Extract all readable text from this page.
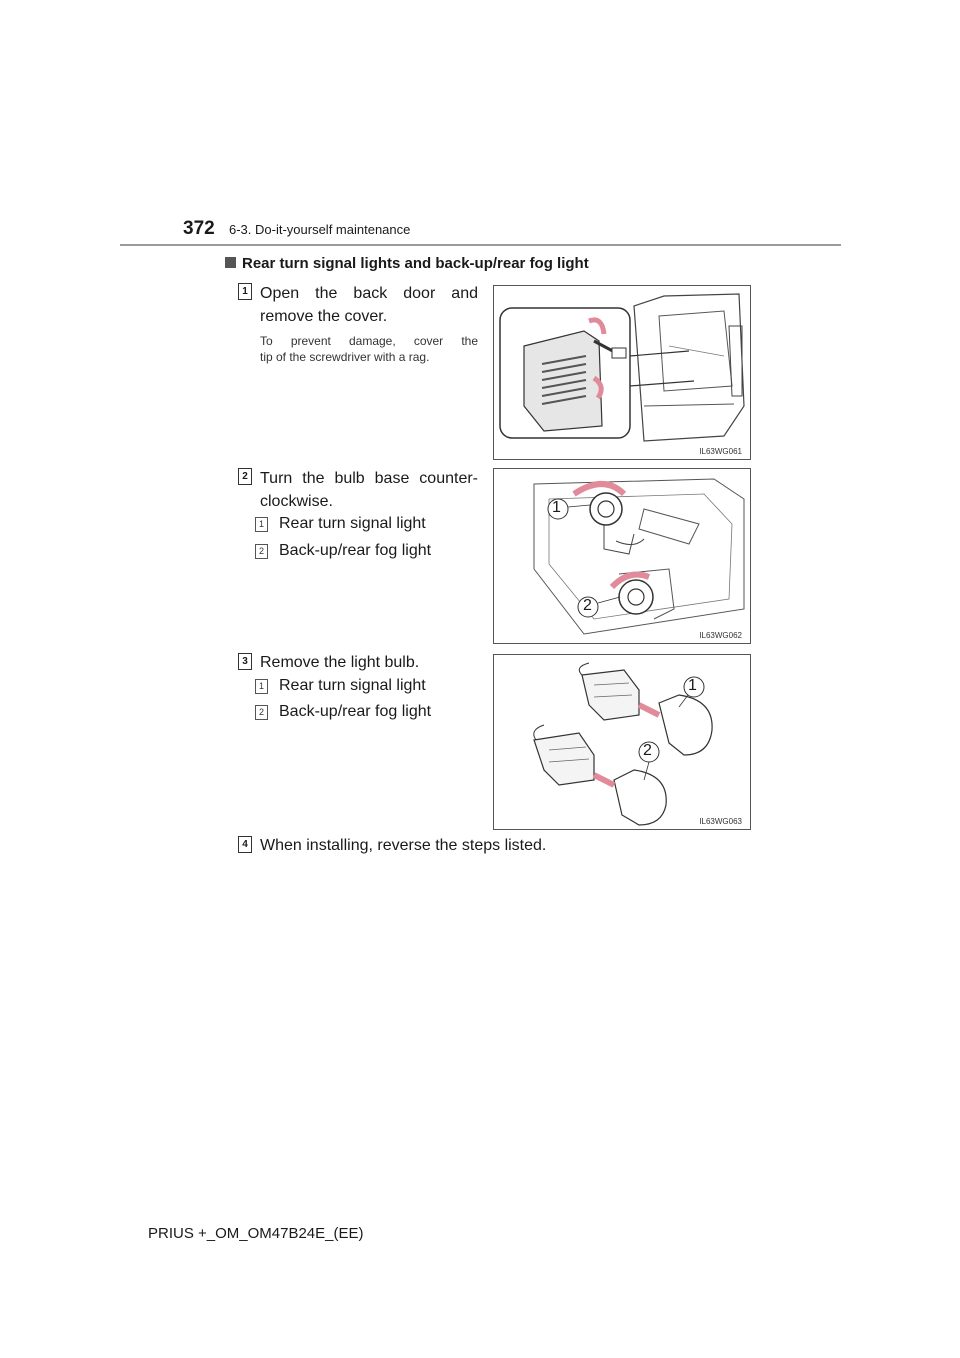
372 6-3. Do-it-yourself maintenance
Rear turn signal lights and back-up/rear fog light
1 Open the back door and
remove the cover.
To prevent damage, cover the
tip of the screwdriver with a rag.
IL63WG061
2 Turn the bulb base counter-
clockwise.
1 Rear turn signal light
2 Back-up/rear fog light
1
2
IL63WG062
3 Remove the light bulb.
1 Rear turn signal light
2 Back-up/rear fog light
1
2
IL63WG063
4 When installing, reverse the steps listed.
PRIUS +_OM_OM47B24E_(EE)
